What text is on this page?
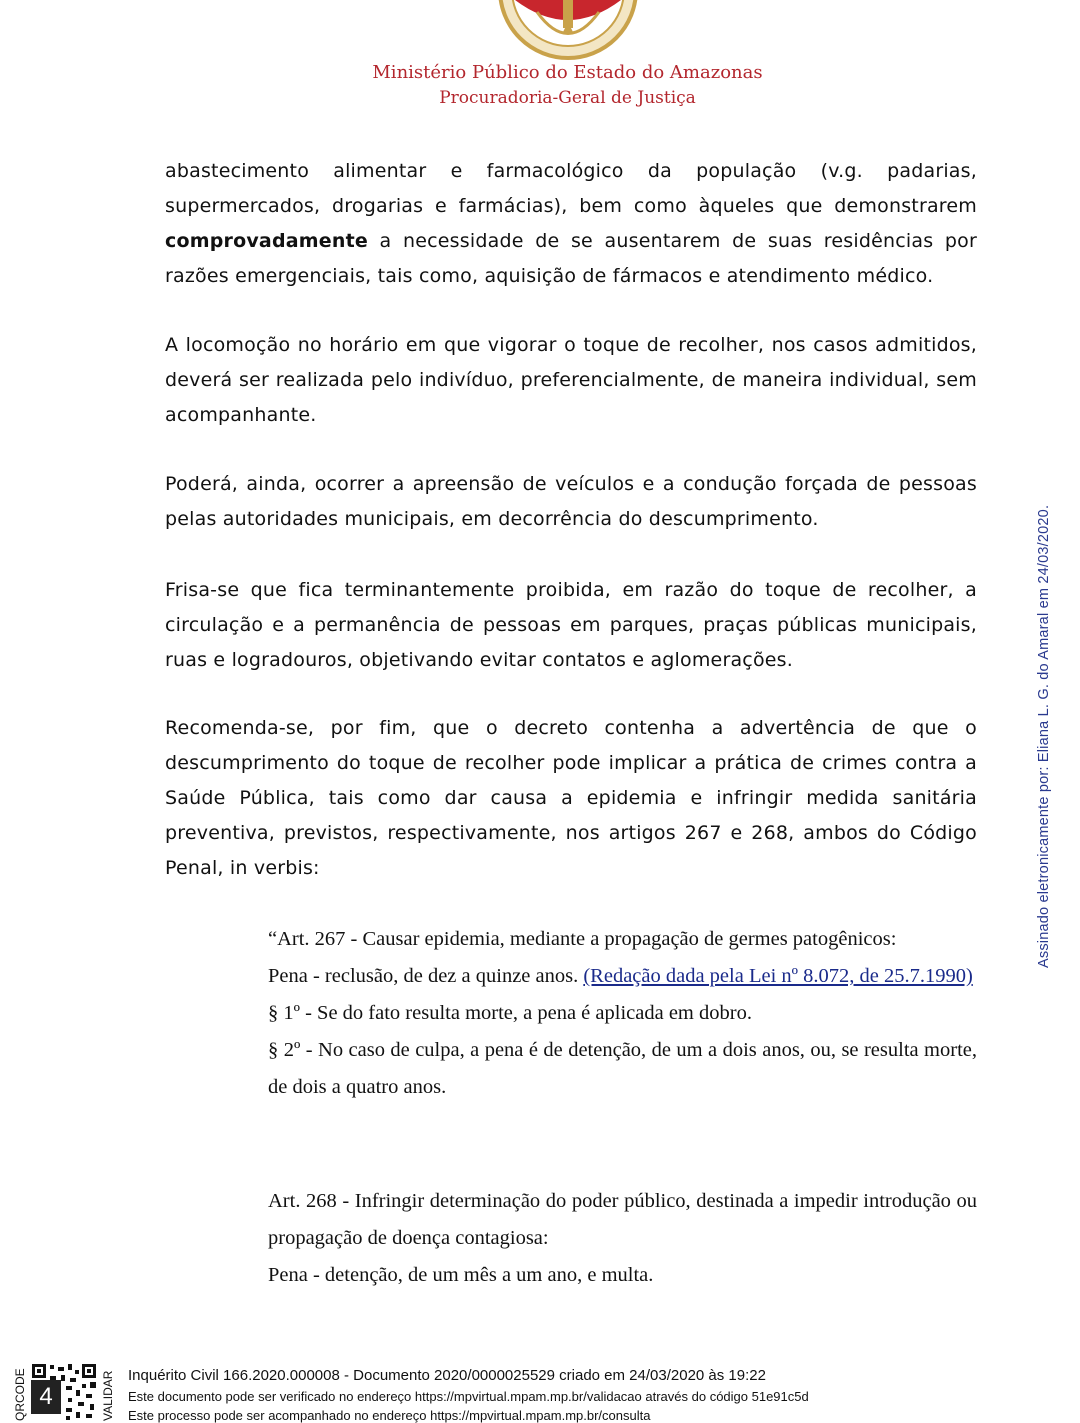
Ministério Público do Estado do Amazonas
Procuradoria-Geral de Justiça
abastecimento alimentar e farmacológico da população (v.g. padarias, supermercados, drogarias e farmácias), bem como àqueles que demonstrarem comprovadamente a necessidade de se ausentarem de suas residências por razões emergenciais, tais como, aquisição de fármacos e atendimento médico.
A locomoção no horário em que vigorar o toque de recolher, nos casos admitidos, deverá ser realizada pelo indivíduo, preferencialmente, de maneira individual, sem acompanhante.
Poderá, ainda, ocorrer a apreensão de veículos e a condução forçada de pessoas pelas autoridades municipais, em decorrência do descumprimento.
Frisa-se que fica terminantemente proibida, em razão do toque de recolher, a circulação e a permanência de pessoas em parques, praças públicas municipais, ruas e logradouros, objetivando evitar contatos e aglomerações.
Recomenda-se, por fim, que o decreto contenha a advertência de que o descumprimento do toque de recolher pode implicar a prática de crimes contra a Saúde Pública, tais como dar causa a epidemia e infringir medida sanitária preventiva, previstos, respectivamente, nos artigos 267 e 268, ambos do Código Penal, in verbis:
“Art. 267 - Causar epidemia, mediante a propagação de germes patogênicos:
Pena - reclusão, de dez a quinze anos. (Redação dada pela Lei nº 8.072, de 25.7.1990)
§ 1º - Se do fato resulta morte, a pena é aplicada em dobro.
§ 2º - No caso de culpa, a pena é de detenção, de um a dois anos, ou, se resulta morte, de dois a quatro anos.
Art. 268 - Infringir determinação do poder público, destinada a impedir introdução ou propagação de doença contagiosa:
Pena - detenção, de um mês a um ano, e multa.
Assinado eletronicamente por: Eliana L. G. do Amaral em 24/03/2020.
QRCODE 4	VALIDAR Inquérito Civil 166.2020.000008 - Documento 2020/0000025529 criado em 24/03/2020 às 19:22
Este documento pode ser verificado no endereço https://mpvirtual.mpam.mp.br/validacao através do código 51e91c5d
Este processo pode ser acompanhado no endereço https://mpvirtual.mpam.mp.br/consulta
